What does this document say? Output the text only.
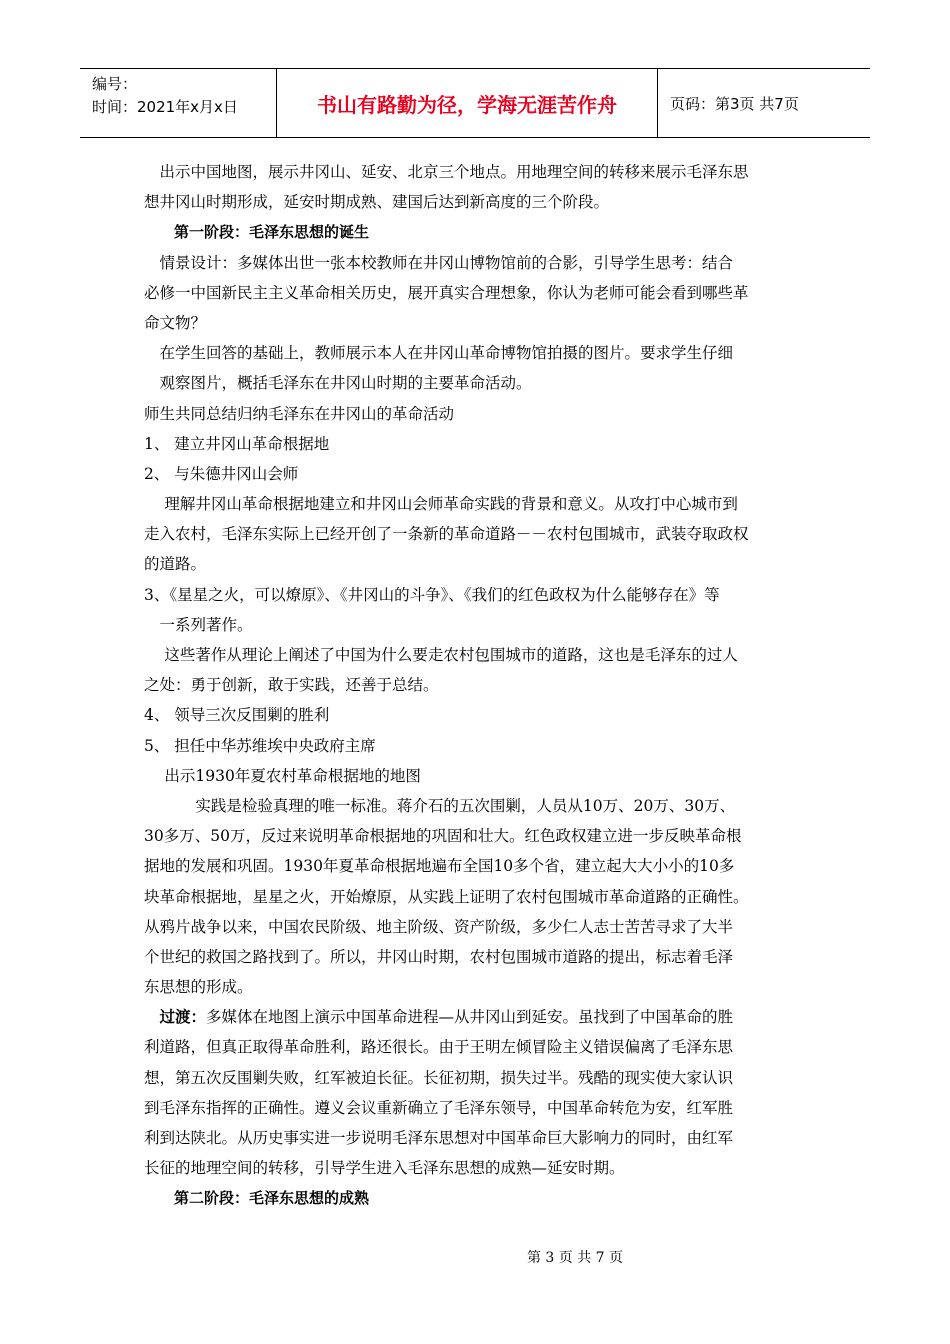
编号：
时间：2021年x月x日	书山有路勤为径，学海无涯苦作舟	页码：第3页 共7页
　出示中国地图，展示井冈山、延安、北京三个地点。用地理空间的转移来展示毛泽东思
想井冈山时期形成，延安时期成熟、建国后达到新高度的三个阶段。
　　第一阶段：毛泽东思想的诞生
　情景设计：多媒体出世一张本校教师在井冈山博物馆前的合影，引导学生思考：结合
必修一中国新民主主义革命相关历史，展开真实合理想象，你认为老师可能会看到哪些革
命文物？
　在学生回答的基础上，教师展示本人在井冈山革命博物馆拍摄的图片。要求学生仔细
　观察图片，概括毛泽东在井冈山时期的主要革命活动。
师生共同总结归纳毛泽东在井冈山的革命活动
1、 建立井冈山革命根据地
2、 与朱德井冈山会师
　 理解井冈山革命根据地建立和井冈山会师革命实践的背景和意义。从攻打中心城市到
走入农村，毛泽东实际上已经开创了一条新的革命道路－－农村包围城市，武装夺取政权
的道路。
3、《星星之火，可以燎原》、《井冈山的斗争》、《我们的红色政权为什么能够存在》等
　一系列著作。
　 这些著作从理论上阐述了中国为什么要走农村包围城市的道路，这也是毛泽东的过人
之处：勇于创新，敢于实践，还善于总结。
4、 领导三次反围剿的胜利
5、 担任中华苏维埃中央政府主席
　 出示1930年夏农村革命根据地的地图
　　　 实践是检验真理的唯一标准。蒋介石的五次围剿，人员从10万、20万、30万、
30多万、50万，反过来说明革命根据地的巩固和壮大。红色政权建立进一步反映革命根
据地的发展和巩固。1930年夏革命根据地遍布全国10多个省，建立起大大小小的10多
块革命根据地，星星之火，开始燎原，从实践上证明了农村包围城市革命道路的正确性。
从鸦片战争以来，中国农民阶级、地主阶级、资产阶级，多少仁人志士苦苦寻求了大半
个世纪的救国之路找到了。所以，井冈山时期，农村包围城市道路的提出，标志着毛泽
东思想的形成。
　过渡：多媒体在地图上演示中国革命进程—从井冈山到延安。虽找到了中国革命的胜
利道路，但真正取得革命胜利，路还很长。由于王明左倾冒险主义错误偏离了毛泽东思
想，第五次反围剿失败，红军被迫长征。长征初期，损失过半。残酷的现实使大家认识
到毛泽东指挥的正确性。遵义会议重新确立了毛泽东领导，中国革命转危为安，红军胜
利到达陕北。从历史事实进一步说明毛泽东思想对中国革命巨大影响力的同时，由红军
长征的地理空间的转移，引导学生进入毛泽东思想的成熟—延安时期。
　　第二阶段：毛泽东思想的成熟
第 3 页 共 7 页
